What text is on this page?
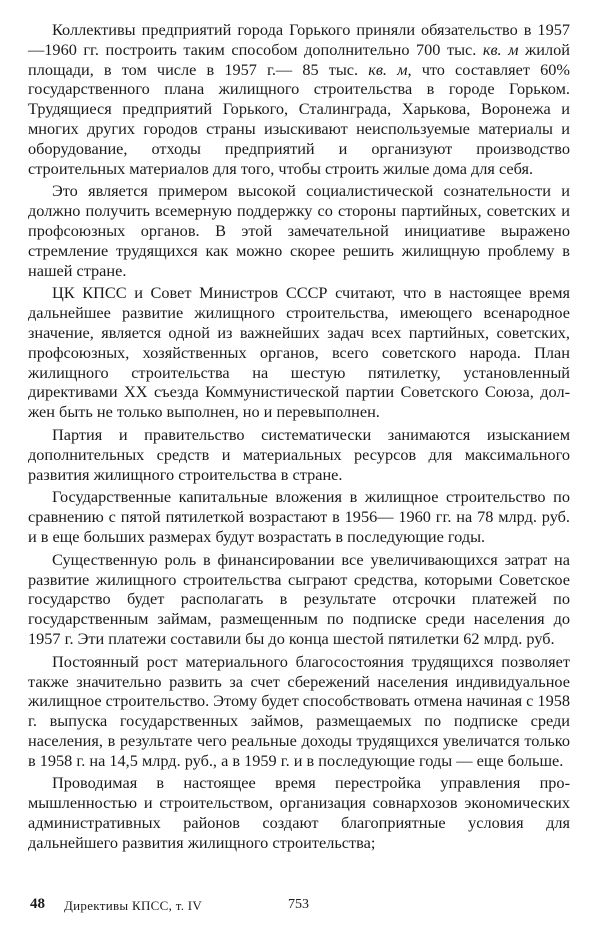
Коллективы предприятий города Горького приняли обязательство в 1957—1960 гг. построить таким способом дополнительно 700 тыс. кв. м жилой площади, в том числе в 1957 г.— 85 тыс. кв. м, что составляет 60% государственного плана жилищного строительства в городе Горьком. Трудящиеся предприятий Горького, Сталинграда, Харькова, Воронежа и многих других городов страны изыскивают неиспользуемые материалы и оборудование, отходы предприятий и организуют производство строительных материалов для того, чтобы строить жилые дома для себя.

Это является примером высокой социалистической сознательности и должно получить всемерную поддержку со стороны партийных, советских и профсоюзных органов. В этой замечательной инициативе выражено стремление трудящихся как можно скорее решить жилищную проблему в нашей стране.

ЦК КПСС и Совет Министров СССР считают, что в настоящее время дальнейшее развитие жилищного строительства, имеющего всенародное значение, является одной из важнейших задач всех партийных, советских, профсоюзных, хозяйственных органов, всего советского народа. План жилищного строительства на шестую пятилетку, установленный директивами XX съезда Коммунистической партии Советского Союза, должен быть не только выполнен, но и перевыполнен.

Партия и правительство систематически занимаются изысканием дополнительных средств и материальных ресурсов для максимального развития жилищного строительства в стране.

Государственные капитальные вложения в жилищное строительство по сравнению с пятой пятилеткой возрастают в 1956— 1960 гг. на 78 млрд. руб. и в еще больших размерах будут возрастать в последующие годы.

Существенную роль в финансировании все увеличивающихся затрат на развитие жилищного строительства сыграют средства, которыми Советское государство будет располагать в результате отсрочки платежей по государственным займам, размещенным по подписке среди населения до 1957 г. Эти платежи составили бы до конца шестой пятилетки 62 млрд. руб.

Постоянный рост материального благосостояния трудящихся позволяет также значительно развить за счет сбережений населения индивидуальное жилищное строительство. Этому будет способствовать отмена начиная с 1958 г. выпуска государственных займов, размещаемых по подписке среди населения, в результате чего реальные доходы трудящихся увеличатся только в 1958 г. на 14,5 млрд. руб., а в 1959 г. и в последующие годы — еще больше.

Проводимая в настоящее время перестройка управления промышленностью и строительством, организация совнархозов экономических административных районов создают благоприятные условия для дальнейшего развития жилищного строительства;

48 Директивы КПСС, т. IV	753
